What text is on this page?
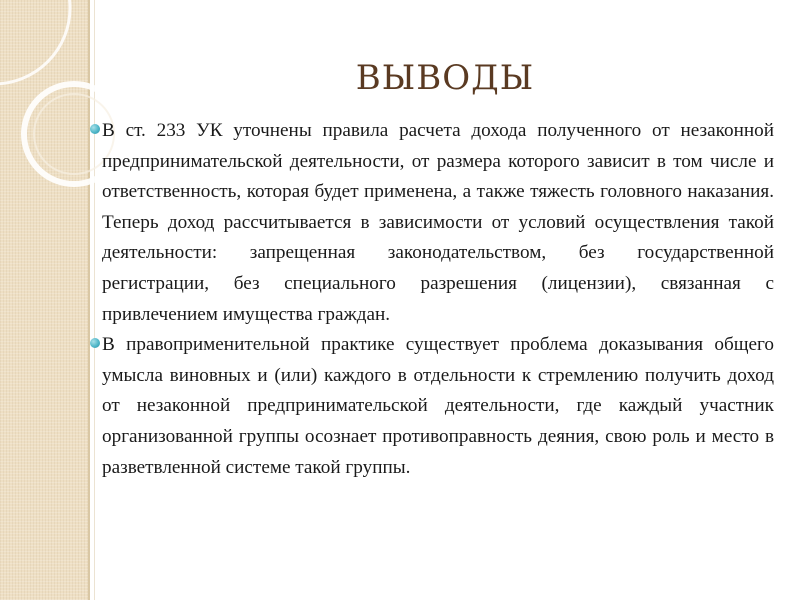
ВЫВОДЫ
В ст. 233 УК уточнены правила расчета дохода полученного от незаконной предпринимательской деятельности, от размера которого зависит в том числе и ответственность, которая будет применена, а также тяжесть головного наказания. Теперь доход рассчитывается в зависимости от условий осуществления такой деятельности: запрещенная законодательством, без государственной регистрации, без специального разрешения (лицензии), связанная с привлечением имущества граждан.
В правоприменительной практике существует проблема доказывания общего умысла виновных и (или) каждого в отдельности к стремлению получить доход от незаконной предпринимательской деятельности, где каждый участник организованной группы осознает противоправность деяния, свою роль и место в разветвленной системе такой группы.
